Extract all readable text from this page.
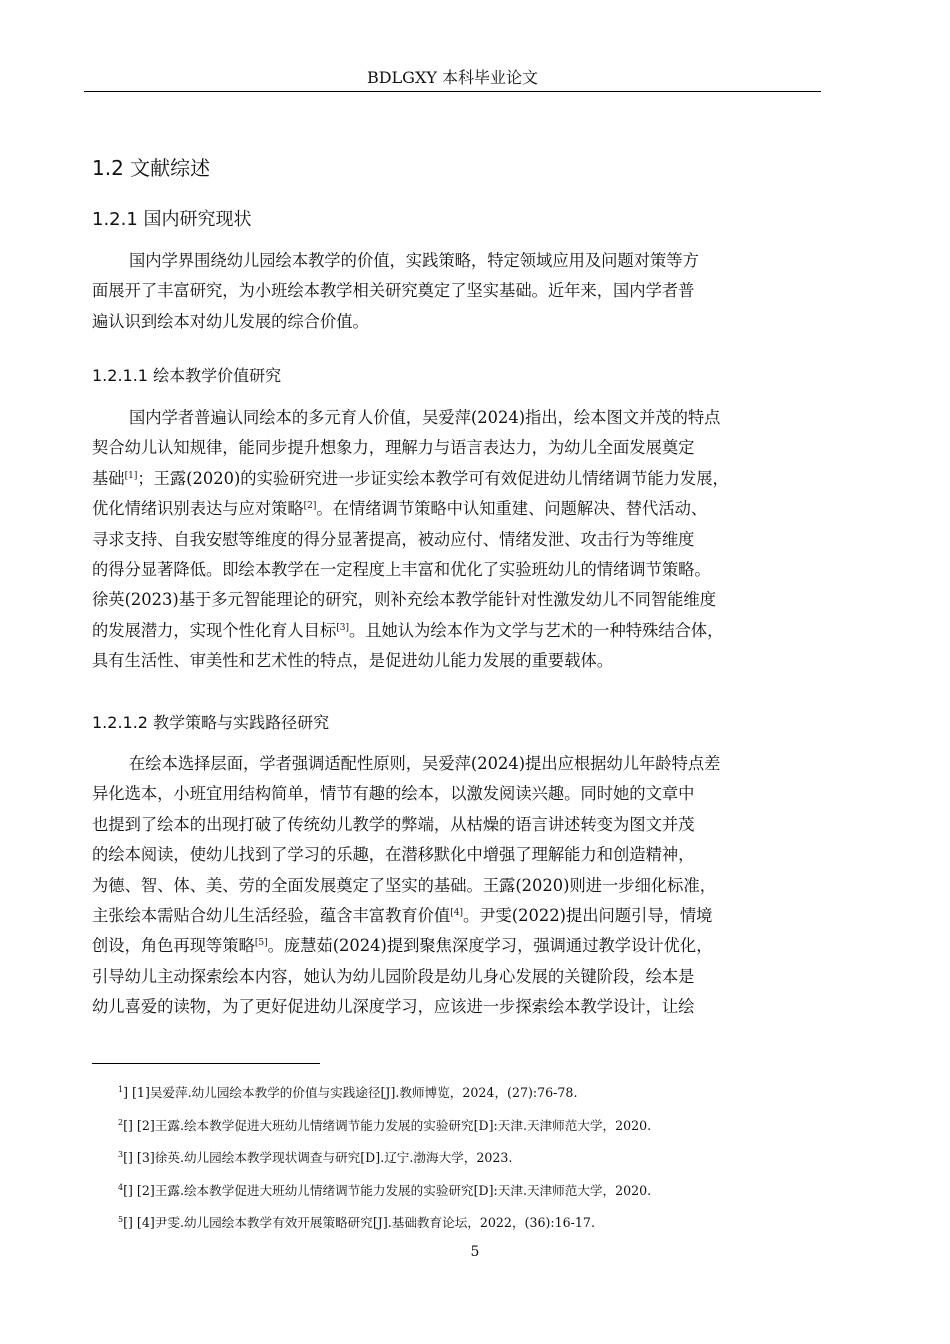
BDLGXY 本科毕业论文
1.2 文献综述
1.2.1 国内研究现状
国内学界围绕幼儿园绘本教学的价值，实践策略，特定领域应用及问题对策等方
面展开了丰富研究，为小班绘本教学相关研究奠定了坚实基础。近年来，国内学者普
遍认识到绘本对幼儿发展的综合价值。
1.2.1.1 绘本教学价值研究
国内学者普遍认同绘本的多元育人价值，吴爱萍(2024)指出，绘本图文并茂的特点
契合幼儿认知规律，能同步提升想象力，理解力与语言表达力，为幼儿全面发展奠定
基础[1]；王露(2020)的实验研究进一步证实绘本教学可有效促进幼儿情绪调节能力发展，
优化情绪识别表达与应对策略[2]。在情绪调节策略中认知重建、问题解决、替代活动、
寻求支持、自我安慰等维度的得分显著提高，被动应付、情绪发泄、攻击行为等维度
的得分显著降低。即绘本教学在一定程度上丰富和优化了实验班幼儿的情绪调节策略。
徐英(2023)基于多元智能理论的研究，则补充绘本教学能针对性激发幼儿不同智能维度
的发展潜力，实现个性化育人目标[3]。且她认为绘本作为文学与艺术的一种特殊结合体，
具有生活性、审美性和艺术性的特点，是促进幼儿能力发展的重要载体。
1.2.1.2 教学策略与实践路径研究
在绘本选择层面，学者强调适配性原则，吴爱萍(2024)提出应根据幼儿年龄特点差
异化选本，小班宜用结构简单，情节有趣的绘本，以激发阅读兴趣。同时她的文章中
也提到了绘本的出现打破了传统幼儿教学的弊端，从枯燥的语言讲述转变为图文并茂
的绘本阅读，使幼儿找到了学习的乐趣，在潜移默化中增强了理解能力和创造精神，
为德、智、体、美、劳的全面发展奠定了坚实的基础。王露(2020)则进一步细化标准，
主张绘本需贴合幼儿生活经验，蕴含丰富教育价值[4]。尹雯(2022)提出问题引导，情境
创设，角色再现等策略[5]。庞慧茹(2024)提到聚焦深度学习，强调通过教学设计优化，
引导幼儿主动探索绘本内容，她认为幼儿园阶段是幼儿身心发展的关键阶段，绘本是
幼儿喜爱的读物，为了更好促进幼儿深度学习，应该进一步探索绘本教学设计，让绘
$^1$] [1]吴爱萍.幼儿园绘本教学的价值与实践途径[J].教师博览，2024，(27):76-78.
$^2$[] [2]王露.绘本教学促进大班幼儿情绪调节能力发展的实验研究[D]:天津.天津师范大学，2020.
$^3$[] [3]徐英.幼儿园绘本教学现状调查与研究[D].辽宁.渤海大学，2023.
$^4$[] [2]王露.绘本教学促进大班幼儿情绪调节能力发展的实验研究[D]:天津.天津师范大学，2020.
$^5$[] [4]尹雯.幼儿园绘本教学有效开展策略研究[J].基础教育论坛，2022，(36):16-17.
5
